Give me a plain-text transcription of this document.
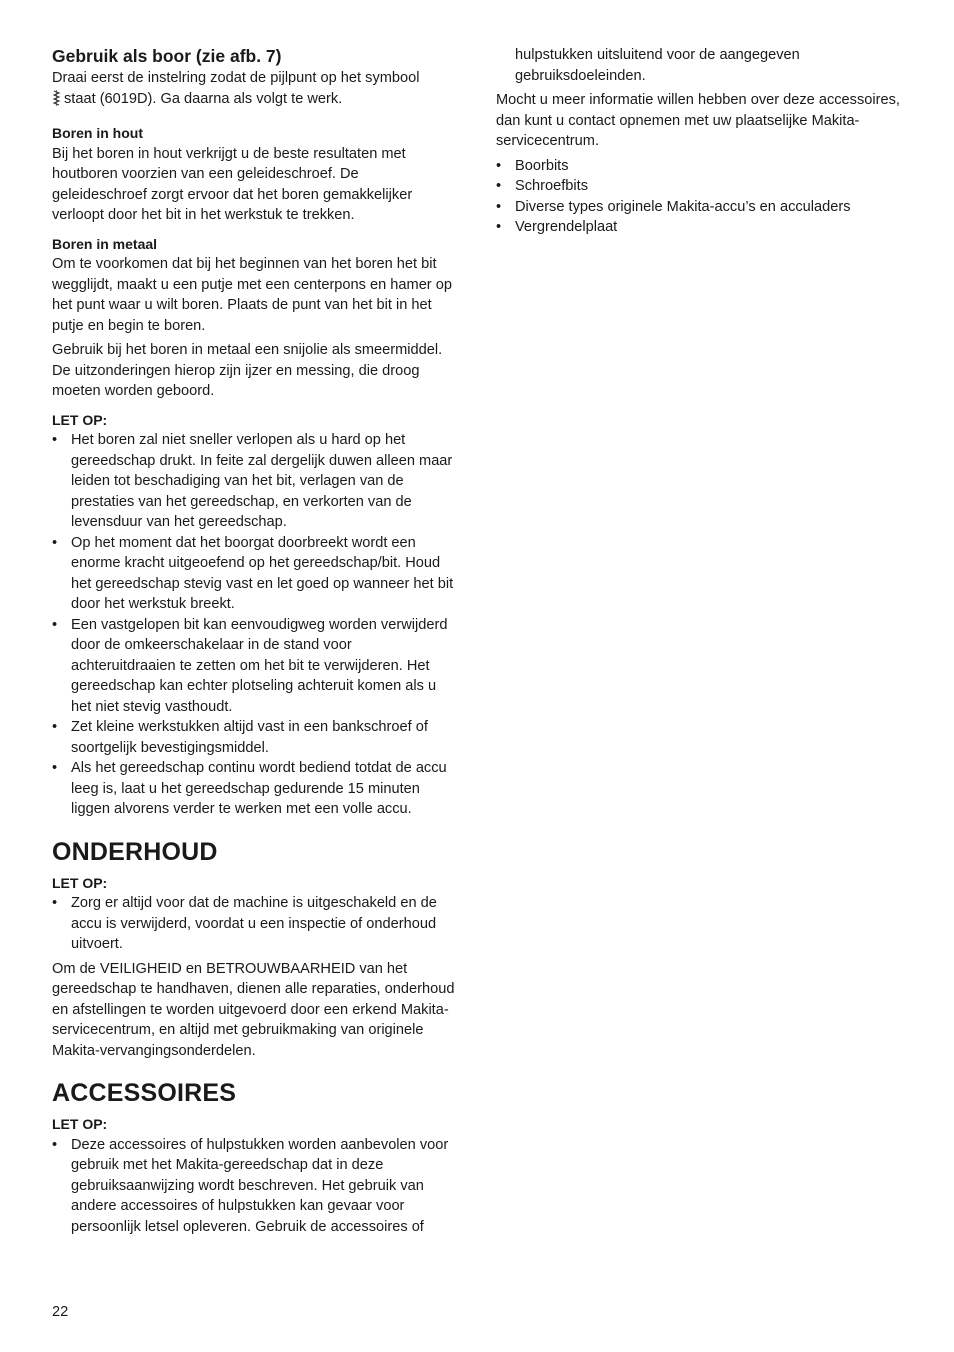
Gebruik als boor (zie afb. 7)

Draai eerst de instelring zodat de pijlpunt op het symbool

staat (6019D). Ga daarna als volgt te werk.

Boren in hout

Bij het boren in hout verkrijgt u de beste resultaten met houtboren voorzien van een geleideschroef. De geleideschroef zorgt ervoor dat het boren gemakkelijker verloopt door het bit in het werkstuk te trekken.

Boren in metaal

Om te voorkomen dat bij het beginnen van het boren het bit wegglijdt, maakt u een putje met een centerpons en hamer op het punt waar u wilt boren. Plaats de punt van het bit in het putje en begin te boren.

Gebruik bij het boren in metaal een snijolie als smeermiddel. De uitzonderingen hierop zijn ijzer en messing, die droog moeten worden geboord.

LET OP:

• Het boren zal niet sneller verlopen als u hard op het gereedschap drukt. In feite zal dergelijk duwen alleen maar leiden tot beschadiging van het bit, verlagen van de prestaties van het gereedschap, en verkorten van de levensduur van het gereedschap.
• Op het moment dat het boorgat doorbreekt wordt een enorme kracht uitgeoefend op het gereedschap/bit. Houd het gereedschap stevig vast en let goed op wanneer het bit door het werkstuk breekt.
• Een vastgelopen bit kan eenvoudigweg worden verwijderd door de omkeerschakelaar in de stand voor achteruitdraaien te zetten om het bit te verwijderen. Het gereedschap kan echter plotseling achteruit komen als u het niet stevig vasthoudt.
• Zet kleine werkstukken altijd vast in een bankschroef of soortgelijk bevestigingsmiddel.
• Als het gereedschap continu wordt bediend totdat de accu leeg is, laat u het gereedschap gedurende 15 minuten liggen alvorens verder te werken met een volle accu.
ONDERHOUD

LET OP:

• Zorg er altijd voor dat de machine is uitgeschakeld en de accu is verwijderd, voordat u een inspectie of onderhoud uitvoert.

Om de VEILIGHEID en BETROUWBAARHEID van het gereedschap te handhaven, dienen alle reparaties, onderhoud en afstellingen te worden uitgevoerd door een erkend Makita-servicecentrum, en altijd met gebruikmaking van originele Makita-vervangingsonderdelen.

ACCESSOIRES

LET OP:

• Deze accessoires of hulpstukken worden aanbevolen voor gebruik met het Makita-gereedschap dat in deze gebruiksaanwijzing wordt beschreven. Het gebruik van andere accessoires of hulpstukken kan gevaar voor persoonlijk letsel opleveren. Gebruik de accessoires of

hulpstukken uitsluitend voor de aangegeven gebruiksdoeleinden.

Mocht u meer informatie willen hebben over deze accessoires, dan kunt u contact opnemen met uw plaatselijke Makita-servicecentrum.

• Boorbits
• Schroefbits
• Diverse types originele Makita-accu’s en acculaders
• Vergrendelplaat
22
